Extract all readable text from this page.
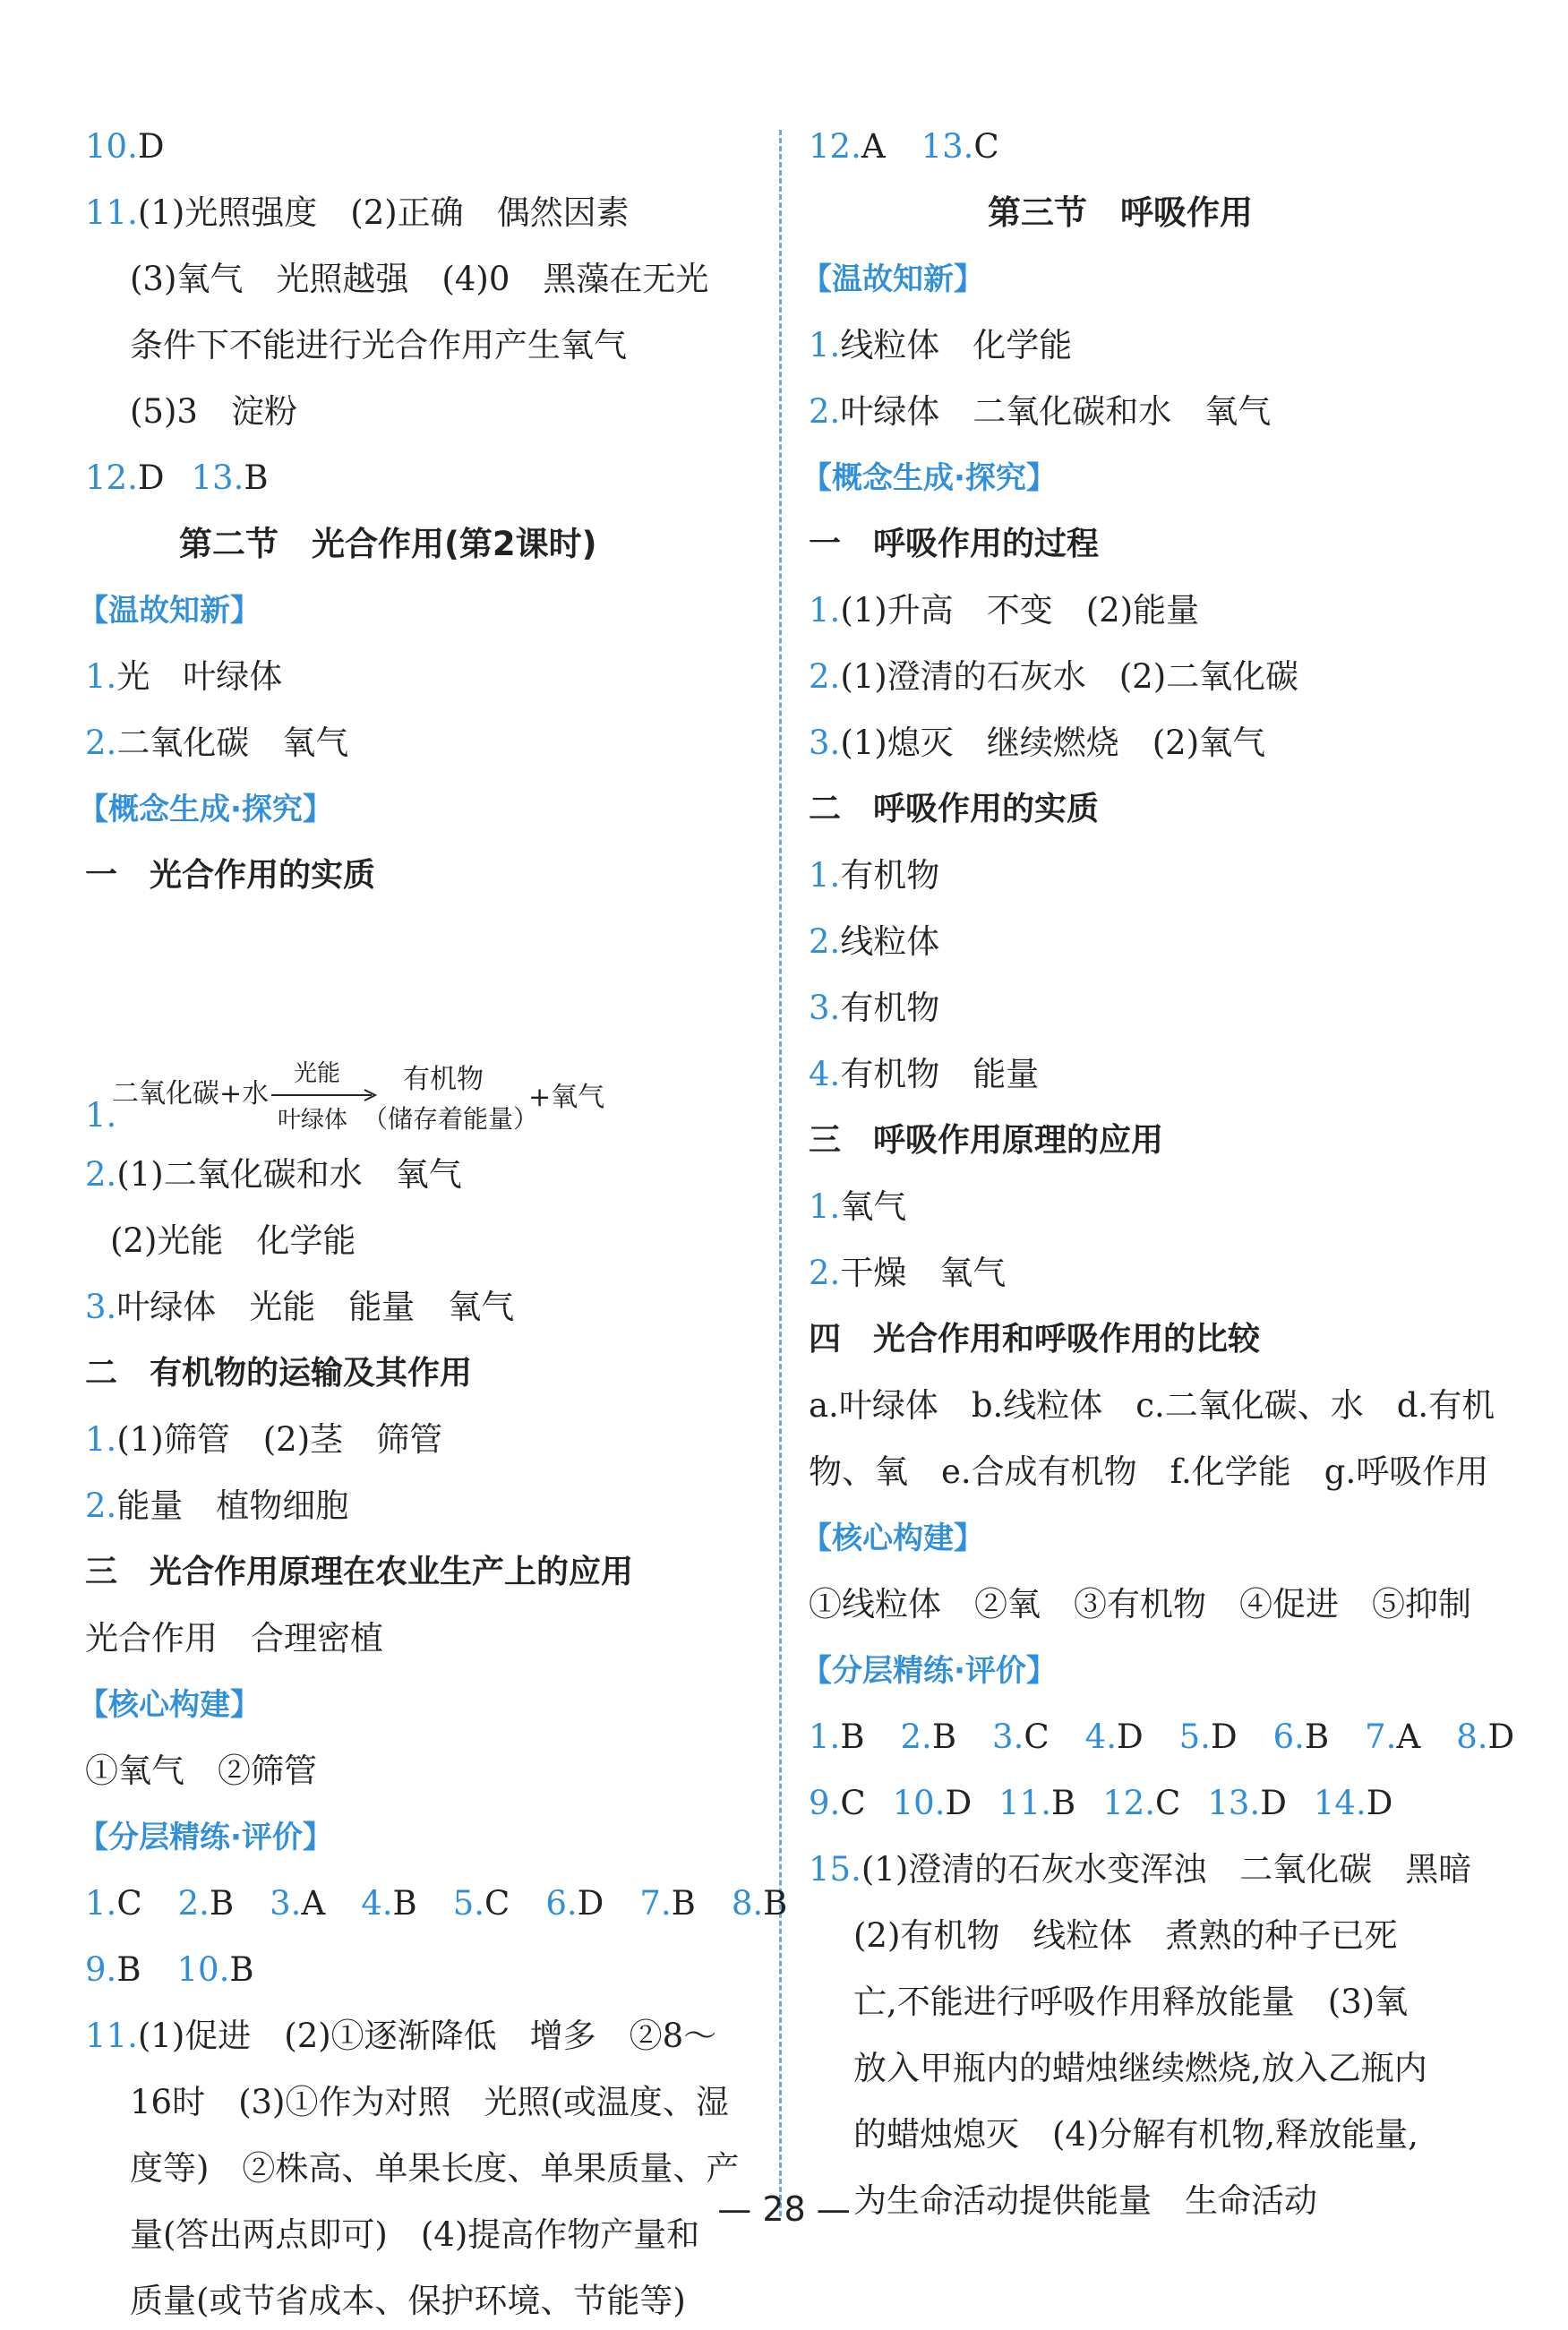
10.D
11.(1)光照强度　(2)正确　偶然因素
(3)氧气　光照越强　(4)0　黑藻在无光
条件下不能进行光合作用产生氧气
(5)3　淀粉
12.D 13.B
第二节　光合作用(第2课时)
【温故知新】
1.光　叶绿体
2.二氧化碳　氧气
【概念生成·探究】
一　光合作用的实质
1.
二氧化碳+水
光能
叶绿体
有机物
（储存着能量）
+氧气
2.(1)二氧化碳和水　氧气
(2)光能　化学能
3.叶绿体　光能　能量　氧气
二　有机物的运输及其作用
1.(1)筛管　(2)茎　筛管
2.能量　植物细胞
三　光合作用原理在农业生产上的应用
光合作用　合理密植
【核心构建】
①氧气　②筛管
【分层精练·评价】
1.C 2.B 3.A 4.B 5.C 6.D 7.B 8.B
9.B 10.B
11.(1)促进　(2)①逐渐降低　增多　②8～
16时　(3)①作为对照　光照(或温度、湿
度等)　②株高、单果长度、单果质量、产
量(答出两点即可)　(4)提高作物产量和
质量(或节省成本、保护环境、节能等)
12.A 13.C
第三节　呼吸作用
【温故知新】
1.线粒体　化学能
2.叶绿体　二氧化碳和水　氧气
【概念生成·探究】
一　呼吸作用的过程
1.(1)升高　不变　(2)能量
2.(1)澄清的石灰水　(2)二氧化碳
3.(1)熄灭　继续燃烧　(2)氧气
二　呼吸作用的实质
1.有机物
2.线粒体
3.有机物
4.有机物　能量
三　呼吸作用原理的应用
1.氧气
2.干燥　氧气
四　光合作用和呼吸作用的比较
a.叶绿体　b.线粒体　c.二氧化碳、水　d.有机
物、氧　e.合成有机物　f.化学能　g.呼吸作用
【核心构建】
①线粒体　②氧　③有机物　④促进　⑤抑制
【分层精练·评价】
1.B 2.B 3.C 4.D 5.D 6.B 7.A 8.D
9.C 10.D 11.B 12.C 13.D 14.D
15.(1)澄清的石灰水变浑浊　二氧化碳　黑暗
(2)有机物　线粒体　煮熟的种子已死
亡,不能进行呼吸作用释放能量　(3)氧
放入甲瓶内的蜡烛继续燃烧,放入乙瓶内
的蜡烛熄灭　(4)分解有机物,释放能量,
为生命活动提供能量　生命活动
— 28 —
